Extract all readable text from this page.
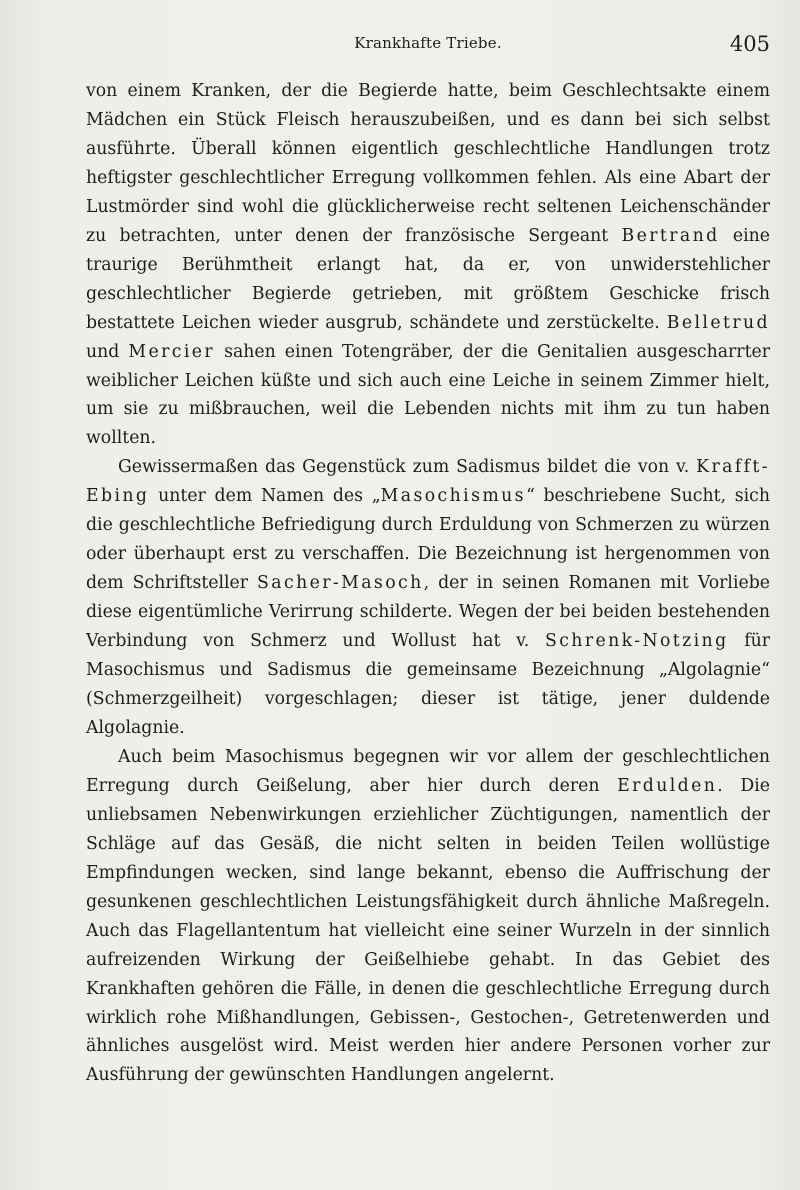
Krankhafte Triebe.	405

von einem Kranken, der die Begierde hatte, beim Geschlechtsakte einem Mädchen ein Stück Fleisch herauszubeißen, und es dann bei sich selbst ausführte. Überall können eigentlich geschlechtliche Handlungen trotz heftigster geschlechtlicher Erregung vollkommen fehlen. Als eine Abart der Lustmörder sind wohl die glücklicherweise recht seltenen Leichenschänder zu betrachten, unter denen der französische Sergeant Bertrand eine traurige Berühmtheit erlangt hat, da er, von unwiderstehlicher geschlechtlicher Begierde getrieben, mit größtem Geschicke frisch bestattete Leichen wieder ausgrub, schändete und zerstückelte. Belletrud und Mercier sahen einen Totengräber, der die Genitalien ausgescharrter weiblicher Leichen küßte und sich auch eine Leiche in seinem Zimmer hielt, um sie zu mißbrauchen, weil die Lebenden nichts mit ihm zu tun haben wollten.

Gewissermaßen das Gegenstück zum Sadismus bildet die von v. Krafft-Ebing unter dem Namen des „Masochismus“ beschriebene Sucht, sich die geschlechtliche Befriedigung durch Erduldung von Schmerzen zu würzen oder überhaupt erst zu verschaffen. Die Bezeichnung ist hergenommen von dem Schriftsteller Sacher-Masoch, der in seinen Romanen mit Vorliebe diese eigentümliche Verirrung schilderte. Wegen der bei beiden bestehenden Verbindung von Schmerz und Wollust hat v. Schrenk-Notzing für Masochismus und Sadismus die gemeinsame Bezeichnung „Algolagnie“ (Schmerzgeilheit) vorgeschlagen; dieser ist tätige, jener duldende Algolagnie.

Auch beim Masochismus begegnen wir vor allem der geschlechtlichen Erregung durch Geißelung, aber hier durch deren Erdulden. Die unliebsamen Nebenwirkungen erziehlicher Züchtigungen, namentlich der Schläge auf das Gesäß, die nicht selten in beiden Teilen wollüstige Empfindungen wecken, sind lange bekannt, ebenso die Auffrischung der gesunkenen geschlechtlichen Leistungsfähigkeit durch ähnliche Maßregeln. Auch das Flagellantentum hat vielleicht eine seiner Wurzeln in der sinnlich aufreizenden Wirkung der Geißelhiebe gehabt. In das Gebiet des Krankhaften gehören die Fälle, in denen die geschlechtliche Erregung durch wirklich rohe Mißhandlungen, Gebissen-, Gestochen-, Getretenwerden und ähnliches ausgelöst wird. Meist werden hier andere Personen vorher zur Ausführung der gewünschten Handlungen angelernt.
